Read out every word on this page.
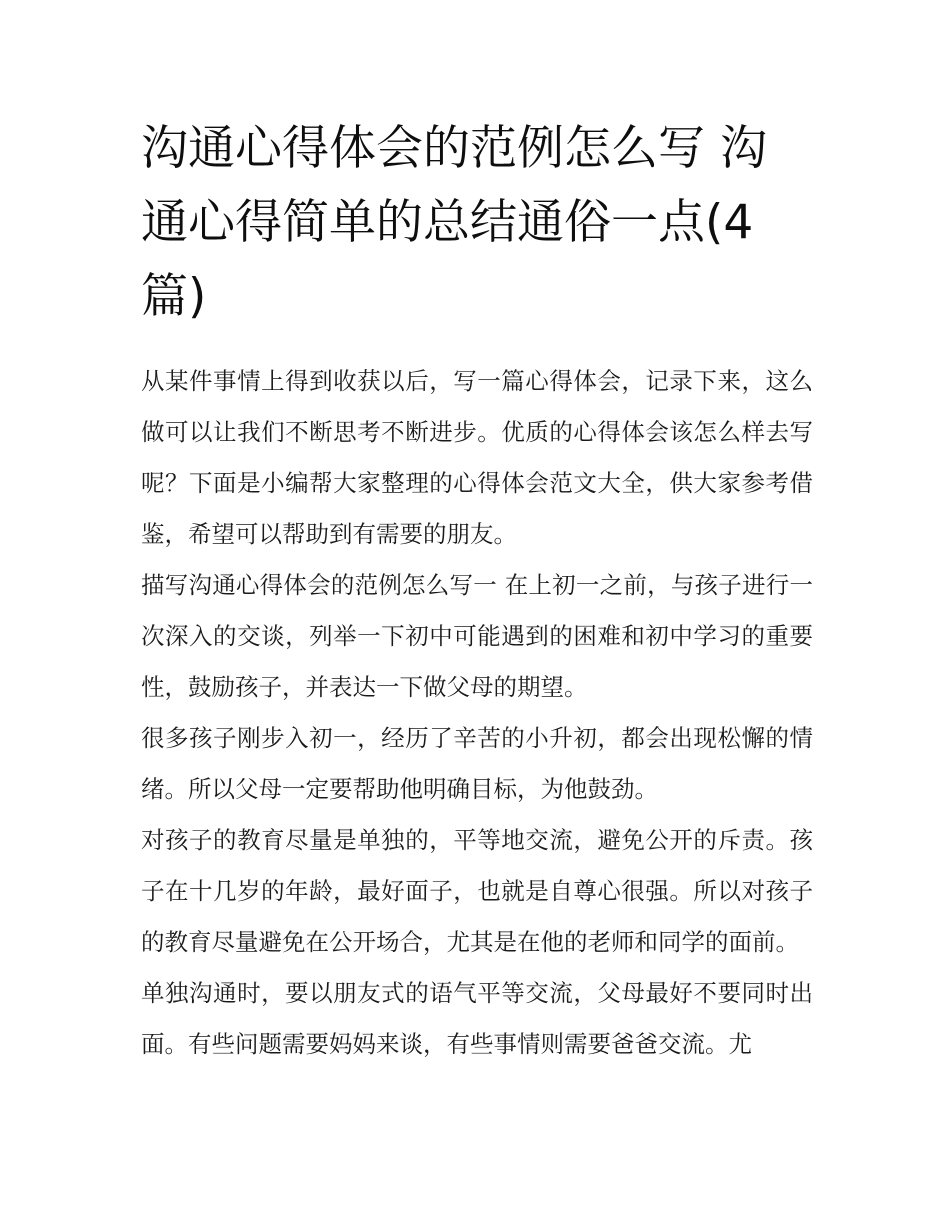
沟通心得体会的范例怎么写 沟通心得简单的总结通俗一点(4篇)

从某件事情上得到收获以后，写一篇心得体会，记录下来，这么做可以让我们不断思考不断进步。优质的心得体会该怎么样去写呢？下面是小编帮大家整理的心得体会范文大全，供大家参考借鉴，希望可以帮助到有需要的朋友。

描写沟通心得体会的范例怎么写一 在上初一之前，与孩子进行一次深入的交谈，列举一下初中可能遇到的困难和初中学习的重要性，鼓励孩子，并表达一下做父母的期望。

很多孩子刚步入初一，经历了辛苦的小升初，都会出现松懈的情绪。所以父母一定要帮助他明确目标，为他鼓劲。

对孩子的教育尽量是单独的，平等地交流，避免公开的斥责。孩子在十几岁的年龄，最好面子，也就是自尊心很强。所以对孩子的教育尽量避免在公开场合，尤其是在他的老师和同学的面前。

单独沟通时，要以朋友式的语气平等交流，父母最好不要同时出面。有些问题需要妈妈来谈，有些事情则需要爸爸交流。尤
